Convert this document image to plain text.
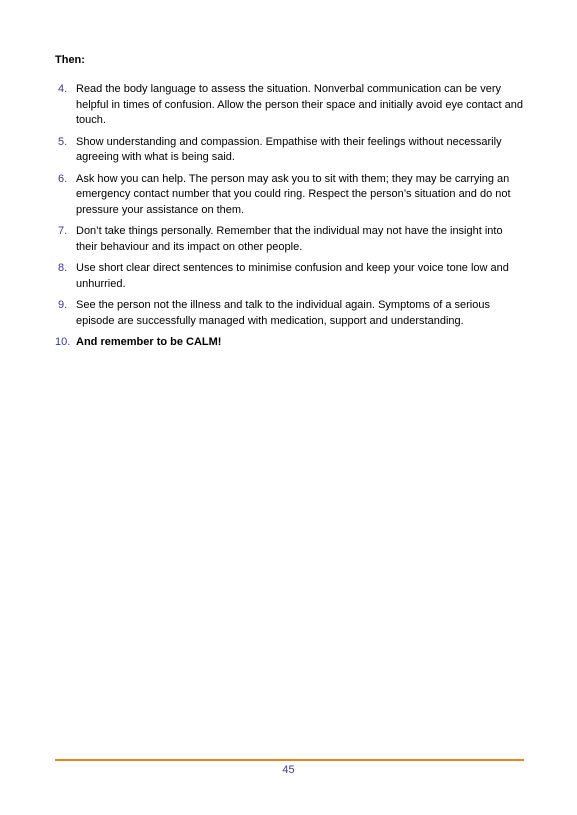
Then:

4. Read the body language to assess the situation. Nonverbal communication can be very helpful in times of confusion. Allow the person their space and initially avoid eye contact and touch.
5. Show understanding and compassion. Empathise with their feelings without necessarily agreeing with what is being said.
6. Ask how you can help. The person may ask you to sit with them; they may be carrying an emergency contact number that you could ring. Respect the person’s situation and do not pressure your assistance on them.
7. Don’t take things personally. Remember that the individual may not have the insight into their behaviour and its impact on other people.
8. Use short clear direct sentences to minimise confusion and keep your voice tone low and unhurried.
9. See the person not the illness and talk to the individual again. Symptoms of a serious episode are successfully managed with medication, support and understanding.
10. And remember to be CALM!
45
